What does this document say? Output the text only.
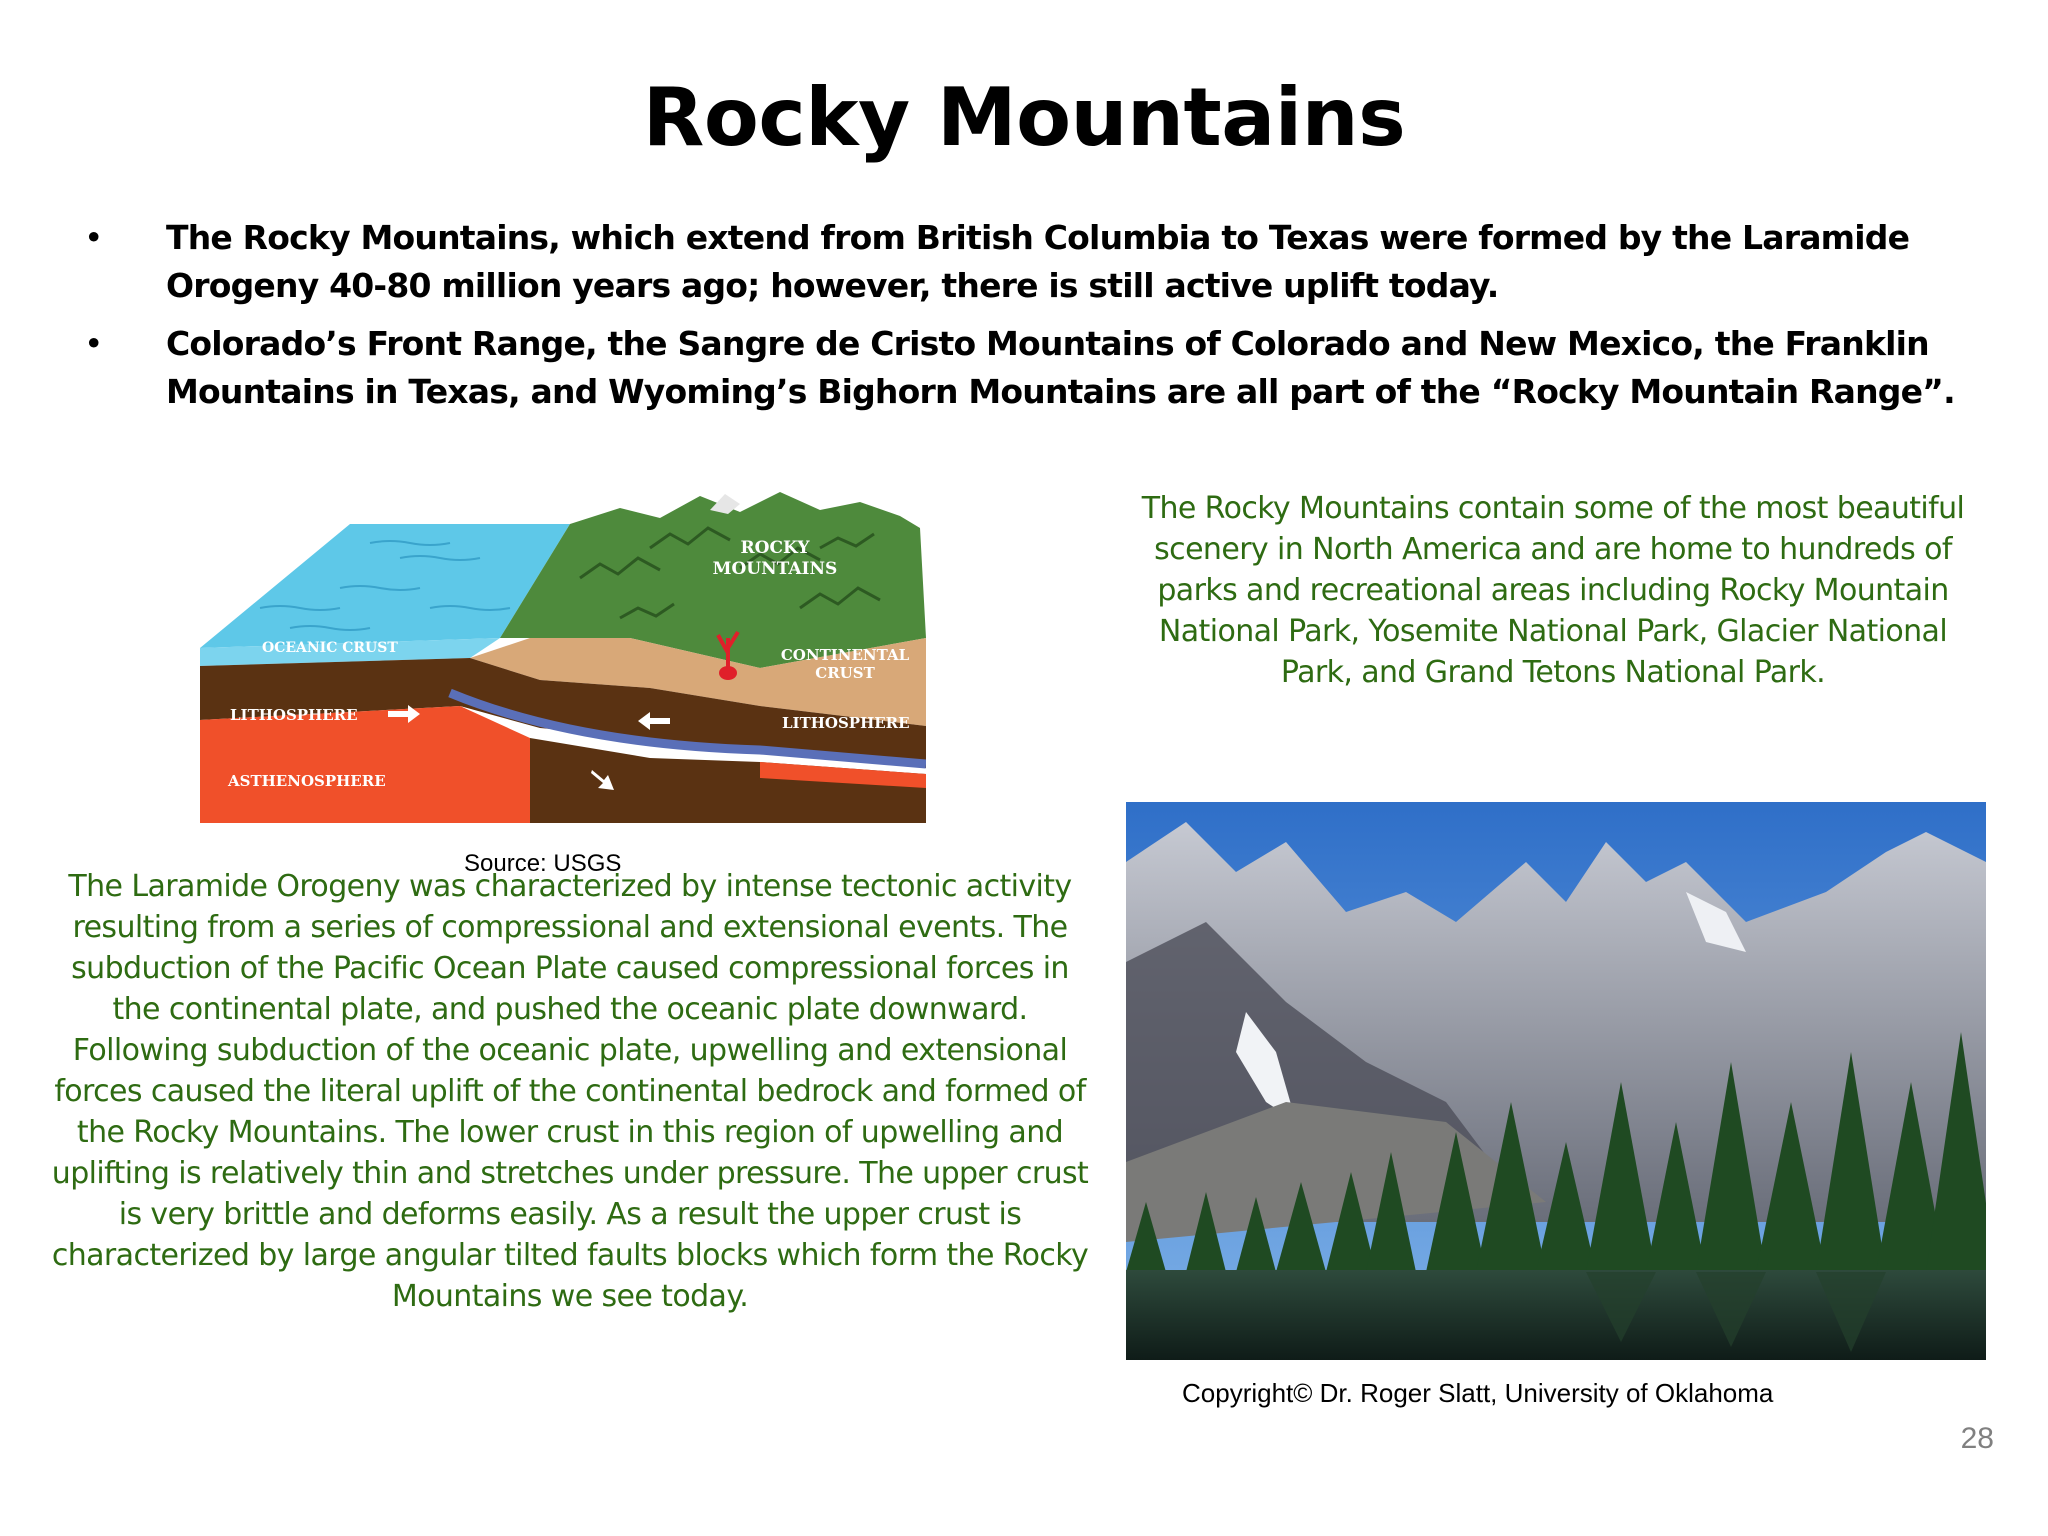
Rocky Mountains
• The Rocky Mountains, which extend from British Columbia to Texas were formed by the Laramide Orogeny 40-80 million years ago; however, there is still active uplift today.
• Colorado’s Front Range, the Sangre de Cristo Mountains of Colorado and New Mexico, the Franklin Mountains in Texas, and Wyoming’s Bighorn Mountains are all part of the “Rocky Mountain Range”.
ROCKY
MOUNTAINS
OCEANIC CRUST	CONTINENTAL
CRUST
LITHOSPHERE	LITHOSPHERE
ASTHENOSPHERE
Source: USGS

The Rocky Mountains contain some of the most beautiful scenery in North America and are home to hundreds of parks and recreational areas including Rocky Mountain National Park, Yosemite National Park, Glacier National Park, and Grand Tetons National Park.

The Laramide Orogeny was characterized by intense tectonic activity resulting from a series of compressional and extensional events. The subduction of the Pacific Ocean Plate caused compressional forces in the continental plate, and pushed the oceanic plate downward. Following subduction of the oceanic plate, upwelling and extensional forces caused the literal uplift of the continental bedrock and formed of the Rocky Mountains. The lower crust in this region of upwelling and uplifting is relatively thin and stretches under pressure. The upper crust is very brittle and deforms easily. As a result the upper crust is characterized by large angular tilted faults blocks which form the Rocky Mountains we see today.

Copyright© Dr. Roger Slatt, University of Oklahoma
28
